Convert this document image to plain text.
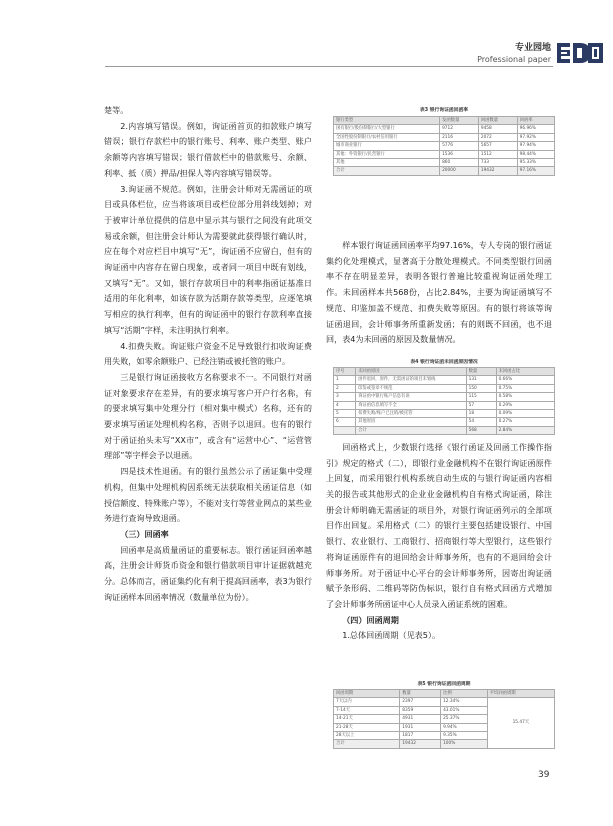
专业园地
Professional paper

楚等。

2.内容填写错误。例如，询证函首页的扣款账户填写错误；银行存款栏中的银行账号、利率、账户类型、账户余额等内容填写错误；银行借款栏中的借款账号、余额、利率、抵（质）押品/担保人等内容填写错误等。

3.询证函不规范。例如，注册会计师对无需函证的项目或具体栏位，应当将该项目或栏位部分用斜线划掉；对于被审计单位提供的信息中显示其与银行之间没有此项交易或余额，但注册会计师认为需要就此获得银行确认时，应在每个对应栏目中填写“无”，询证函不应留白，但有的询证函中内容存在留白现象，或者同一项目中既有划线，又填写“无”。又如，银行存款项目中的利率指函证基准日适用的年化利率，如该存款为活期存款等类型，应逐笔填写相应的执行利率，但有的询证函中的银行存款利率直接填写“活期”字样，未注明执行利率。

4.扣费失败。询证账户资金不足导致银行扣收询证费用失败，如零余额账户、已经注销或被托管的账户。

三是银行询证函接收方名称要求不一。不同银行对函证对象要求存在差异，有的要求填写客户开户行名称，有的要求填写集中处理分行（相对集中模式）名称，还有的要求填写函证处理机构名称，否则予以退回。也有的银行对于函证抬头未写“XX市”，或含有“运营中心”、“运营管理部”等字样会予以退函。

四是技术性退函。有的银行虽然公示了函证集中受理机构，但集中处理机构因系统无法获取相关函证信息（如授信额度、特殊账户等），不能对支行等营业网点的某些业务进行查询导致退函。

（三）回函率

回函率是高质量函证的重要标志。银行函证回函率越高，注册会计师货币资金和银行借款项目审计证据就越充分。总体而言，函证集约化有利于提高回函率，表3为银行询证函样本回函率情况（数量单位为份）。

样本银行询证函回函率平均97.16%，专人专岗的银行函证集约化处理模式，显著高于分散处理模式。不同类型银行回函率不存在明显差异，表明各银行普遍比较重视询证函处理工作。未回函样本共568份，占比2.84%，主要为询证函填写不规范、印鉴加盖不规范、扣费失败等原因。有的银行将该等询证函退回，会计师事务所重新发函；有的则既不回函，也不退回，表4为未回函的原因及数量情况。

回函格式上，少数银行选择《银行函证及回函工作操作指引》规定的格式（二），即银行业金融机构不在银行询证函原件上回复，而采用银行机构系统自动生成的与银行询证函内容相关的报告或其他形式的企业业金融机构自有格式询证函，除注册会计师明确无需函证的项目外，对银行询证函列示的全部项目作出回复。采用格式（二）的银行主要包括建设银行、中国银行、农业银行、工商银行、招商银行等大型银行，这些银行将询证函原件有的退回给会计师事务所，也有的不退回给会计师事务所。对于函证中心平台的会计师事务所，因寄出询证函赋予条形码、二维码等防伪标识，银行自有格式回函方式增加了会计师事务所函证中心人员录入函证系统的困难。

（四）回函周期

1.总体回函周期（见表5）。

表3 银行询证函回函率
银行类型	发函数量	回函数量	回函率
国有银行/股份制银行/大型银行	9712	9458	96.96%
全国性股份制银行/农村信用银行	2116	2072	97.92%
城市商业银行	5776	5657	97.94%
其他：外资银行/民营银行	1536	1512	98.44%
其他	860	733	95.33%
合计	20000	19432	97.16%
表4 银行询证函未回函原因情况
序号	未回函原因	数量	未回函占比
1	函件退回，原件，无需函证的项目未划线	131	0.66%
2	印鉴或签章不规范	150	0.75%
3	询证函中银行账户信息有误	115	0.58%
4	询证函信息填写不全	57	0.29%
5	扣费失败/账户已注销/被托管	18	0.09%
6	其他原因	54	0.27%
	合计	568	2.84%
表5 银行询证函回函周期
回函周期	数量	比例	平均回函周期
7天以内	2397	12.34%	15.47天
7-14天	8359	43.01%	
14-21天	4931	25.37%	
21-28天	1931	9.94%	
28天以上	1817	9.35%	
合计	19432	100%	
39
